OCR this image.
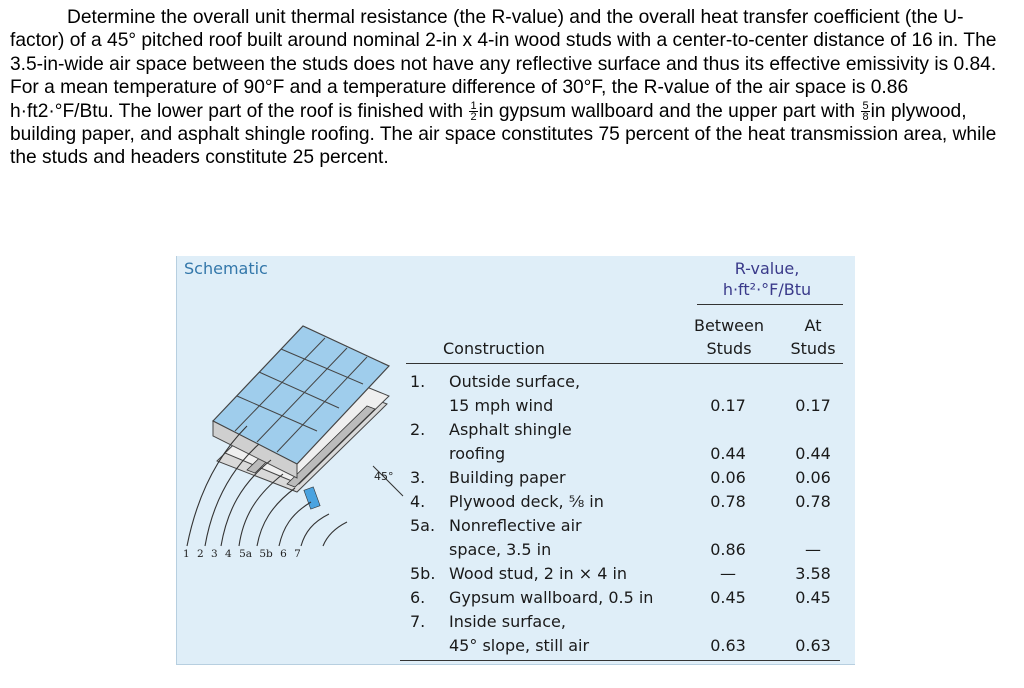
Determine the overall unit thermal resistance (the R-value) and the overall heat transfer coefficient (the U-factor) of a 45° pitched roof built around nominal 2-in x 4-in wood studs with a center-to-center distance of 16 in. The 3.5-in-wide air space between the studs does not have any reflective surface and thus its effective emissivity is 0.84. For a mean temperature of 90°F and a temperature difference of 30°F, the R-value of the air space is 0.86 h·ft2·°F/Btu. The lower part of the roof is finished with $\frac{1}{2}$ in gypsum wallboard and the upper part with $\frac{5}{8}$ in plywood, building paper, and asphalt shingle roofing. The air space constitutes 75 percent of the heat transmission area, while the studs and headers constitute 25 percent.

Schematic
45°
1 2 3 4 5a 5b 6 7
R-value,
h·ft²·°F/Btu
Construction
Between
Studs
At
Studs
1.	Outside surface,
15 mph wind	0.17	0.17
2.	Asphalt shingle
roofing	0.44	0.44
3.	Building paper	0.06	0.06
4.	Plywood deck, ⅝ in	0.78	0.78
5a. Nonreflective air
space, 3.5 in	0.86	—
5b. Wood stud, 2 in × 4 in	—	3.58
6.	Gypsum wallboard, 0.5 in	0.45	0.45
7.	Inside surface,
45° slope, still air	0.63	0.63
